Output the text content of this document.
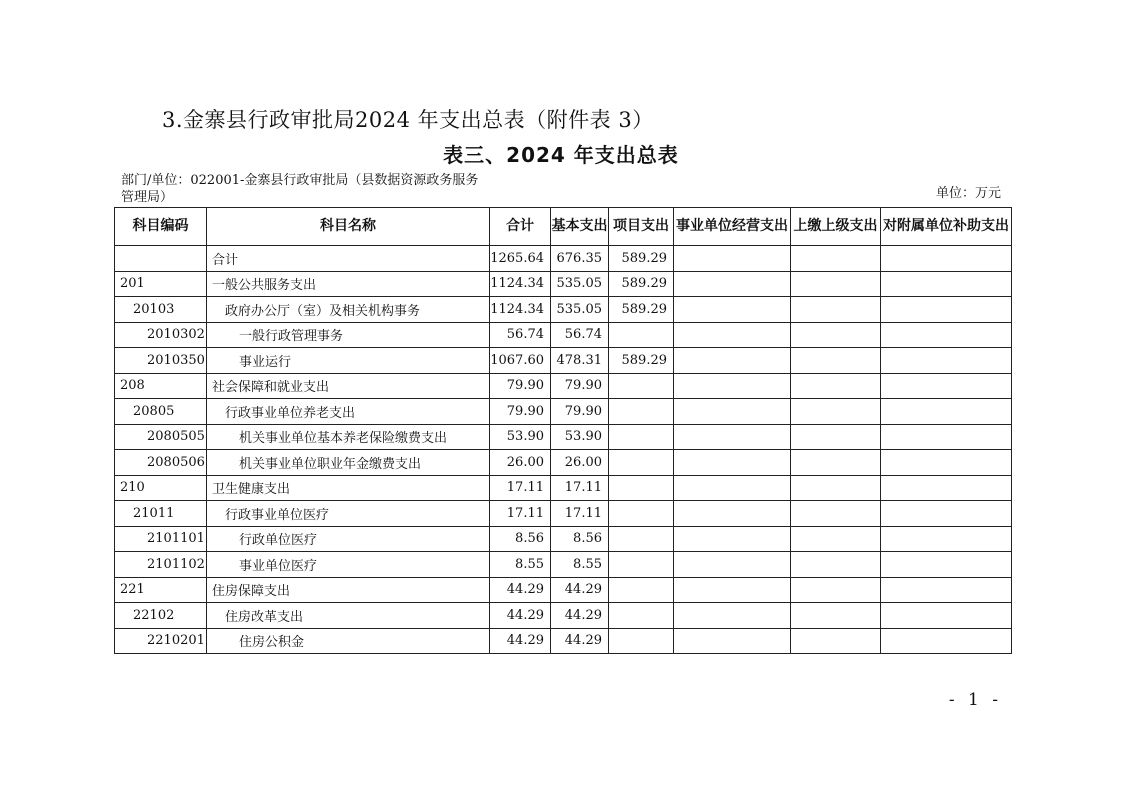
3.金寨县行政审批局2024 年支出总表（附件表 3）
表三、2024 年支出总表
部门/单位：022001-金寨县行政审批局（县数据资源政务服务管理局）	单位：万元
科目编码	科目名称	合计	基本支出	项目支出	事业单位经营支出	上缴上级支出	对附属单位补助支出
	合计	1265.64	676.35	589.29			
201	一般公共服务支出	1124.34	535.05	589.29			
20103	政府办公厅（室）及相关机构事务	1124.34	535.05	589.29			
2010302	一般行政管理事务	56.74	56.74				
2010350	事业运行	1067.60	478.31	589.29			
208	社会保障和就业支出	79.90	79.90				
20805	行政事业单位养老支出	79.90	79.90				
2080505	机关事业单位基本养老保险缴费支出	53.90	53.90				
2080506	机关事业单位职业年金缴费支出	26.00	26.00				
210	卫生健康支出	17.11	17.11				
21011	行政事业单位医疗	17.11	17.11				
2101101	行政单位医疗	8.56	8.56				
2101102	事业单位医疗	8.55	8.55				
221	住房保障支出	44.29	44.29				
22102	住房改革支出	44.29	44.29				
2210201	住房公积金	44.29	44.29				
- 1 -
